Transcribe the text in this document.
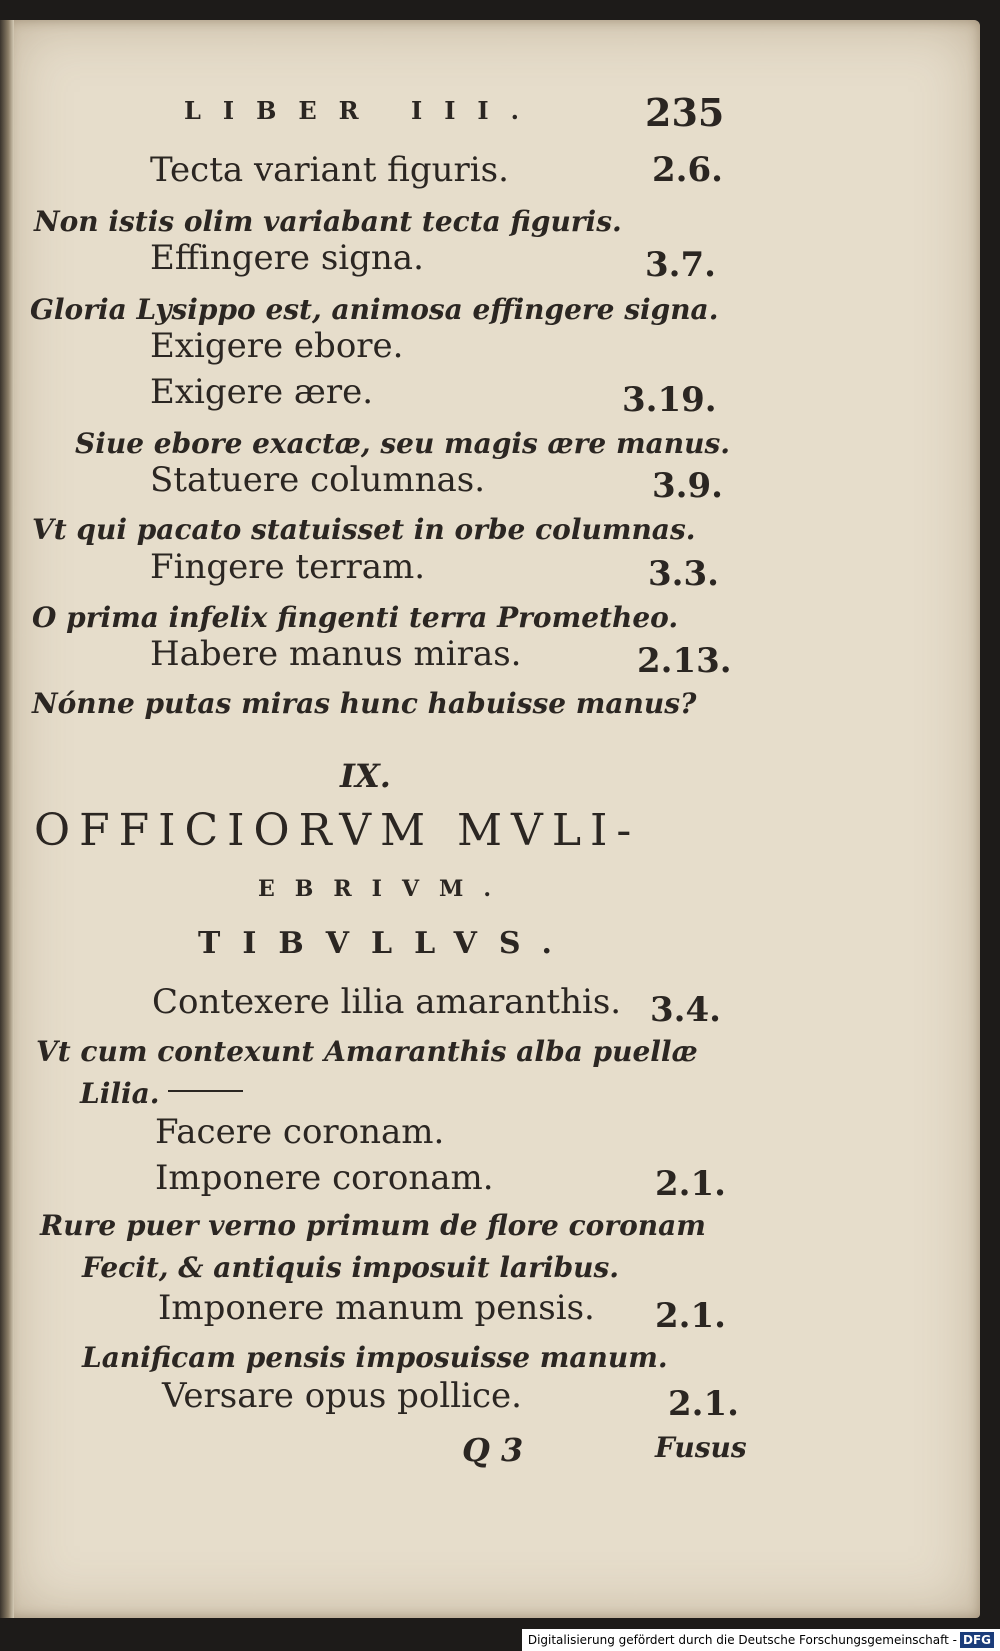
LIBER III.	235
Tecta variant figuris.	2.6.
Non istis olim variabant tecta figuris.
Effingere signa.	3.7.
Gloria Lysippo est, animosa effingere signa.
Exigere ebore.
Exigere ære.	3.19.
Siue ebore exactæ, seu magis ære manus.
Statuere columnas.	3.9.
Vt qui pacato statuisset in orbe columnas.
Fingere terram.	3.3.
O prima infelix fingenti terra Prometheo.
Habere manus miras.	2.13.
Nónne putas miras hunc habuisse manus?
IX.
OFFICIORVM MVLI-
EBRIVM.
TIBVLLVS.
Contexere lilia amaranthis. 3.4.
Vt cum contexunt Amaranthis alba puellæ
Lilia.
Facere coronam.
Imponere coronam.	2.1.
Rure puer verno primum de flore coronam
Fecit, & antiquis imposuit laribus.
Imponere manum pensis. 2.1.
Lanificam pensis imposuisse manum.
Versare opus pollice.	2.1.
Q 3	Fusus
Digitalisierung gefördert durch die Deutsche Forschungsgemeinschaft - DFG
